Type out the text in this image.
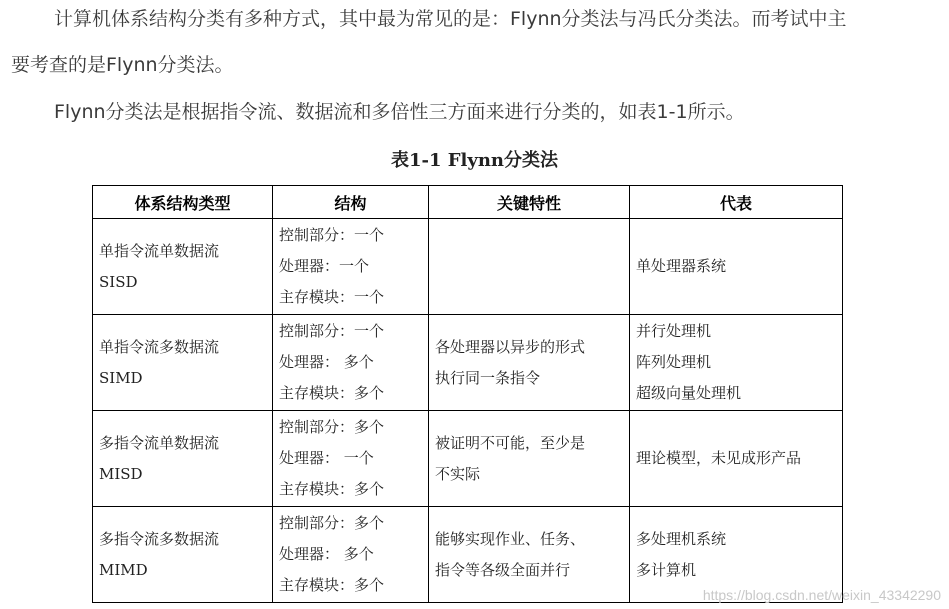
计算机体系结构分类有多种方式，其中最为常见的是：Flynn分类法与冯氏分类法。而考试中主
要考查的是Flynn分类法。
Flynn分类法是根据指令流、数据流和多倍性三方面来进行分类的，如表1-1所示。
表1-1 Flynn分类法
体系结构类型	结构	关键特性	代表

单指令流单数据流
SISD	控制部分：一个
处理器：一个
主存模块：一个		单处理器系统

单指令流多数据流
SIMD	控制部分：一个
处理器： 多个
主存模块：多个	各处理器以异步的形式
执行同一条指令	并行处理机
阵列处理机
超级向量处理机

多指令流单数据流
MISD	控制部分：多个
处理器： 一个
主存模块：多个	被证明不可能，至少是
不实际	理论模型，未见成形产品

多指令流多数据流
MIMD	控制部分：多个
处理器： 多个
主存模块：多个	能够实现作业、任务、
指令等各级全面并行	多处理机系统
多计算机
https://blog.csdn.net/weixin_43342290
